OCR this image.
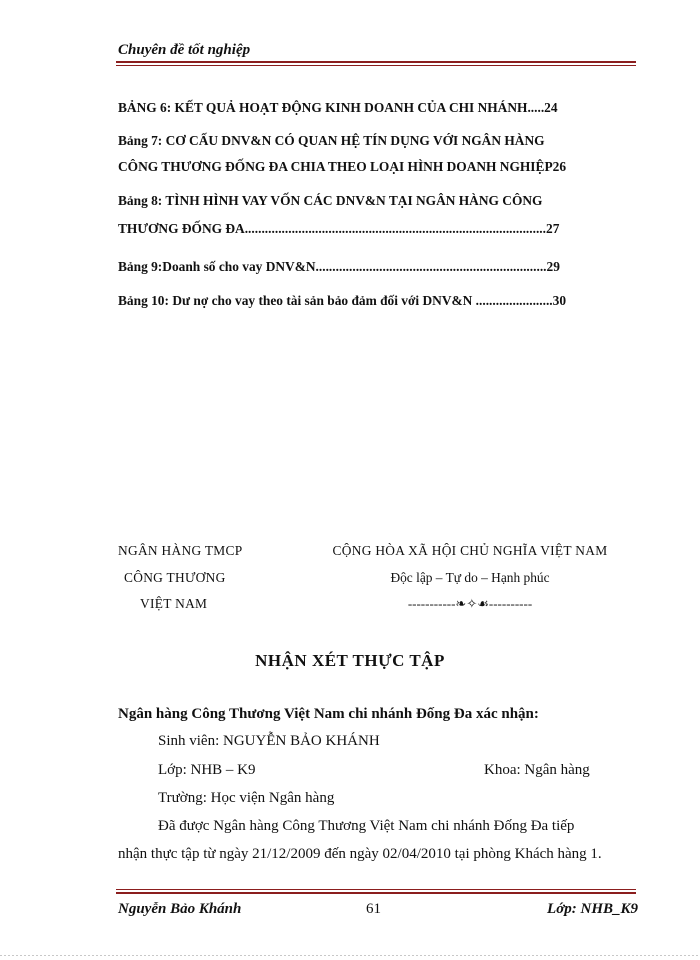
Chuyên đề tốt nghiệp
BẢNG 6: KẾT QUẢ HOẠT ĐỘNG KINH DOANH CỦA CHI NHÁNH.....24
Bảng 7: CƠ CẤU DNV&N CÓ QUAN HỆ TÍN DỤNG VỚI NGÂN HÀNG
CÔNG THƯƠNG ĐỐNG ĐA CHIA THEO LOẠI HÌNH DOANH NGHIỆP26
Bảng 8: TÌNH HÌNH VAY VỐN CÁC DNV&N TẠI NGÂN HÀNG CÔNG
THƯƠNG ĐỐNG ĐA..........................................................................................27
Bảng 9:Doanh số cho vay DNV&N.....................................................................29
Bảng 10: Dư nợ cho vay theo tài sản bảo đảm đối với DNV&N .......................30
NGÂN HÀNG TMCP
CÔNG THƯƠNG
VIỆT NAM
CỘNG HÒA XÃ HỘI CHỦ NGHĨA VIỆT NAM
Độc lập – Tự do – Hạnh phúc
-----------❧✧☙----------
NHẬN XÉT THỰC TẬP
Ngân hàng Công Thương Việt Nam chi nhánh Đống Đa xác nhận:
Sinh viên: NGUYỄN BẢO KHÁNH
Lớp: NHB – K9	Khoa: Ngân hàng
Trường: Học viện Ngân hàng
Đã được Ngân hàng Công Thương Việt Nam chi nhánh Đống Đa tiếp
nhận thực tập từ ngày 21/12/2009 đến ngày 02/04/2010 tại phòng Khách hàng 1.
Nguyễn Bảo Khánh	61	Lớp: NHB_K9
